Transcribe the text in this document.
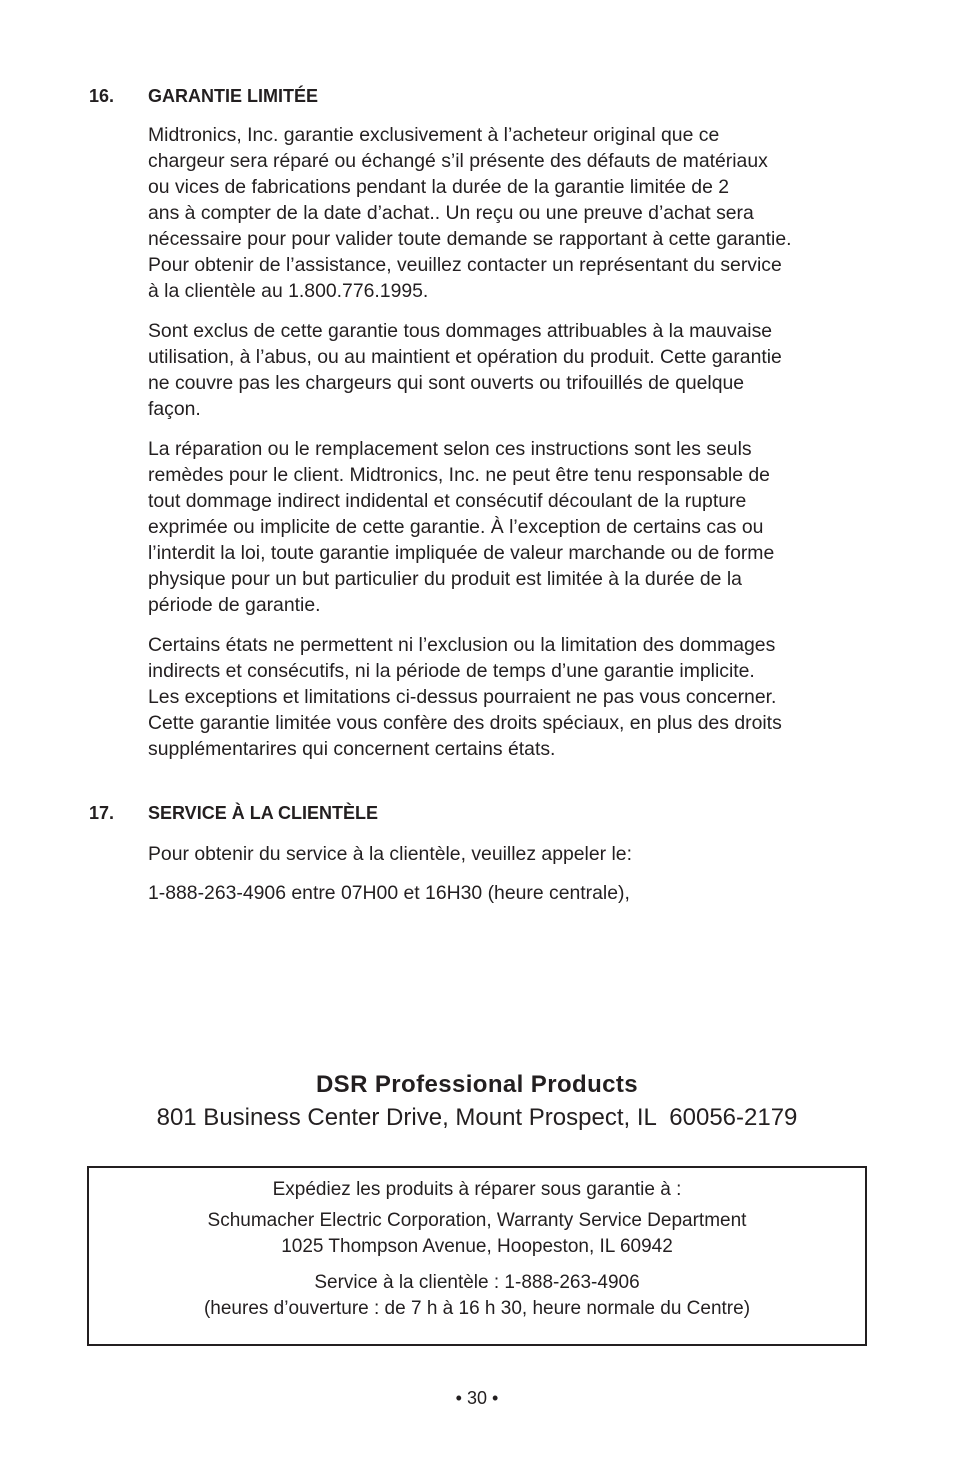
16. GARANTIE LIMITÉE
Midtronics, Inc. garantie exclusivement à l’acheteur original que ce
chargeur sera réparé ou échangé s’il présente des défauts de matériaux
ou vices de fabrications pendant la durée de la garantie limitée de 2
ans à compter de la date d’achat.. Un reçu ou une preuve d’achat sera
nécessaire pour pour valider toute demande se rapportant à cette garantie.
Pour obtenir de l’assistance, veuillez contacter un représentant du service
à la clientèle au 1.800.776.1995.
Sont exclus de cette garantie tous dommages attribuables à la mauvaise
utilisation, à l’abus, ou au maintient et opération du produit. Cette garantie
ne couvre pas les chargeurs qui sont ouverts ou trifouillés de quelque
façon.
La réparation ou le remplacement selon ces instructions sont les seuls
remèdes pour le client. Midtronics, Inc. ne peut être tenu responsable de
tout dommage indirect indidental et consécutif découlant de la rupture
exprimée ou implicite de cette garantie. À l’exception de certains cas ou
l’interdit la loi, toute garantie impliquée de valeur marchande ou de forme
physique pour un but particulier du produit est limitée à la durée de la
période de garantie.
Certains états ne permettent ni l’exclusion ou la limitation des dommages
indirects et consécutifs, ni la période de temps d’une garantie implicite.
Les exceptions et limitations ci-dessus pourraient ne pas vous concerner.
Cette garantie limitée vous confère des droits spéciaux, en plus des droits
supplémentarires qui concernent certains états.
17. SERVICE À LA CLIENTÈLE
Pour obtenir du service à la clientèle, veuillez appeler le:
1-888-263-4906 entre 07H00 et 16H30 (heure centrale),
DSR Professional Products
801 Business Center Drive, Mount Prospect, IL  60056-2179
Expédiez les produits à réparer sous garantie à :
Schumacher Electric Corporation, Warranty Service Department
1025 Thompson Avenue, Hoopeston, IL 60942
Service à la clientèle : 1-888-263-4906
(heures d’ouverture : de 7 h à 16 h 30, heure normale du Centre)
• 30 •
